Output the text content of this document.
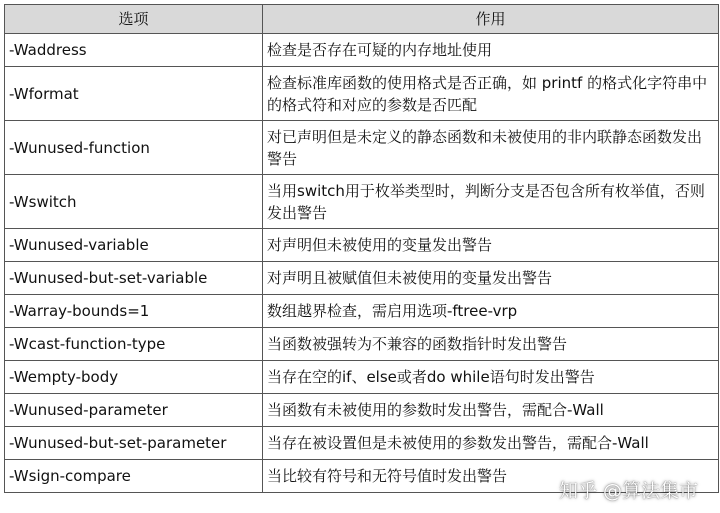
选项	作用
-Waddress	检查是否存在可疑的内存地址使用
-Wformat	检查标准库函数的使用格式是否正确，如 printf 的格式化字符串中的格式符和对应的参数是否匹配
-Wunused-function	对已声明但是未定义的静态函数和未被使用的非内联静态函数发出警告
-Wswitch	当用switch用于枚举类型时，判断分支是否包含所有枚举值，否则发出警告
-Wunused-variable	对声明但未被使用的变量发出警告
-Wunused-but-set-variable	对声明且被赋值但未被使用的变量发出警告
-Warray-bounds=1	数组越界检查，需启用选项-ftree-vrp
-Wcast-function-type	当函数被强转为不兼容的函数指针时发出警告
-Wempty-body	当存在空的if、else或者do while语句时发出警告
-Wunused-parameter	当函数有未被使用的参数时发出警告，需配合-Wall
-Wunused-but-set-parameter	当存在被设置但是未被使用的参数发出警告，需配合-Wall
-Wsign-compare	当比较有符号和无符号值时发出警告
知乎 @算法集市
